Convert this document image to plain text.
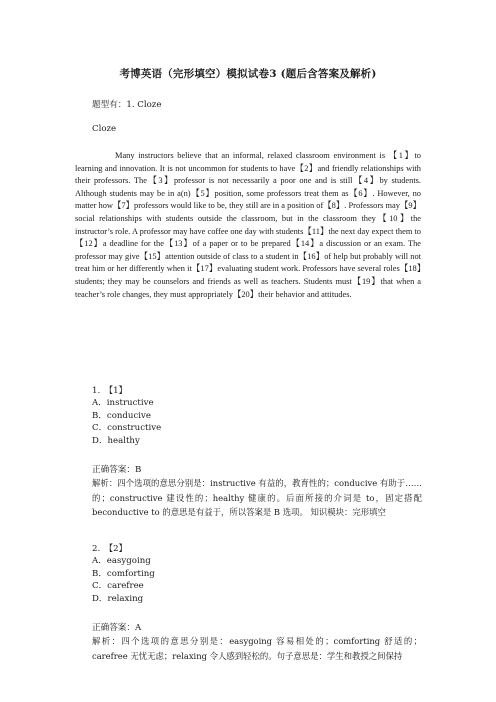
考博英语（完形填空）模拟试卷3 (题后含答案及解析)
题型有：1. Cloze
Cloze
Many instructors believe that an informal, relaxed classroom environment is 【1】to learning and innovation. It is not uncommon for students to have【2】and friendly relationships with their professors. The【3】professor is not necessarily a poor one and is still【4】by students. Although students may be in a(n)【5】position, some professors treat them as【6】. However, no matter how【7】professors would like to be, they still are in a position of【8】. Professors may【9】social relationships with students outside the classroom, but in the classroom they【10】the instructor’s role. A professor may have coffee one day with students【11】the next day expect them to 【12】a deadline for the【13】of a paper or to be prepared【14】a discussion or an exam. The professor may give【15】attention outside of class to a student in【16】of help but probably will not treat him or her differently when it【17】evaluating student work. Professors have several roles【18】students; they may be counselors and friends as well as teachers. Students must【19】that when a teacher’s role changes, they must appropriately【20】their behavior and attitudes.
1.　【1】
A．instructive
B．conducive
C．constructive
D．healthy
正确答案：B
解析：四个选项的意思分别是：instructive 有益的，教育性的；conducive 有助于……的；constructive 建设性的；healthy 健康的。后面所接的介词是 to，固定搭配 beconductive to 的意思是有益于，所以答案是 B 选项。 知识模块：完形填空
2.　【2】
A．easygoing
B．comforting
C．carefree
D．relaxing
正确答案：A
解析：四个选项的意思分别是：easygoing 容易相处的；comforting 舒适的；carefree 无忧无虑；relaxing 令人感到轻松的。句子意思是：学生和教授之间保持
